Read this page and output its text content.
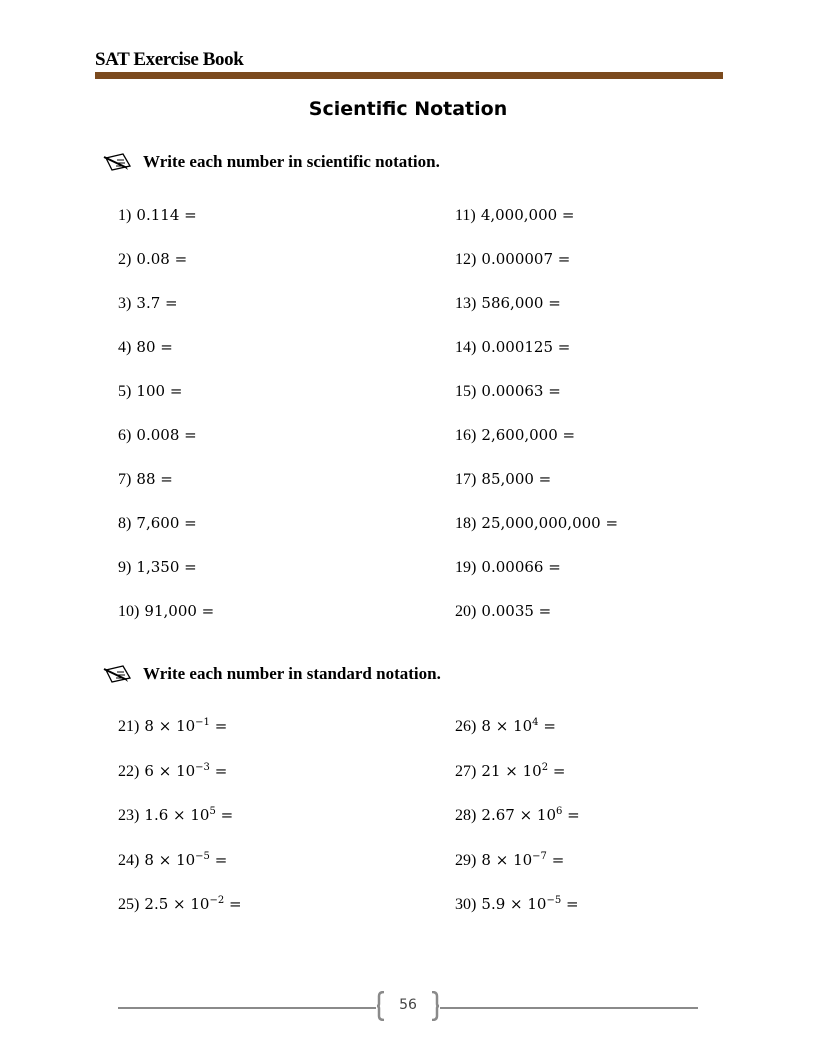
SAT Exercise Book
Scientific Notation
Write each number in scientific notation.
1) 0.114 =
2) 0.08 =
3) 3.7 =
4) 80 =
5) 100 =
6) 0.008 =
7) 88 =
8) 7,600 =
9) 1,350 =
10) 91,000 =
11) 4,000,000 =
12) 0.000007 =
13) 586,000 =
14) 0.000125 =
15) 0.00063 =
16) 2,600,000 =
17) 85,000 =
18) 25,000,000,000 =
19) 0.00066 =
20) 0.0035 =
Write each number in standard notation.
21) $8 \times 10^{-1}$ =
22) $6 \times 10^{-3}$ =
23) $1.6 \times 10^5$ =
24) $8 \times 10^{-5}$ =
25) $2.5 \times 10^{-2}$ =
26) $8 \times 10^4$ =
27) $21 \times 10^2$ =
28) $2.67 \times 10^6$ =
29) $8 \times 10^{-7}$ =
30) $5.9 \times 10^{-5}$ =
56
